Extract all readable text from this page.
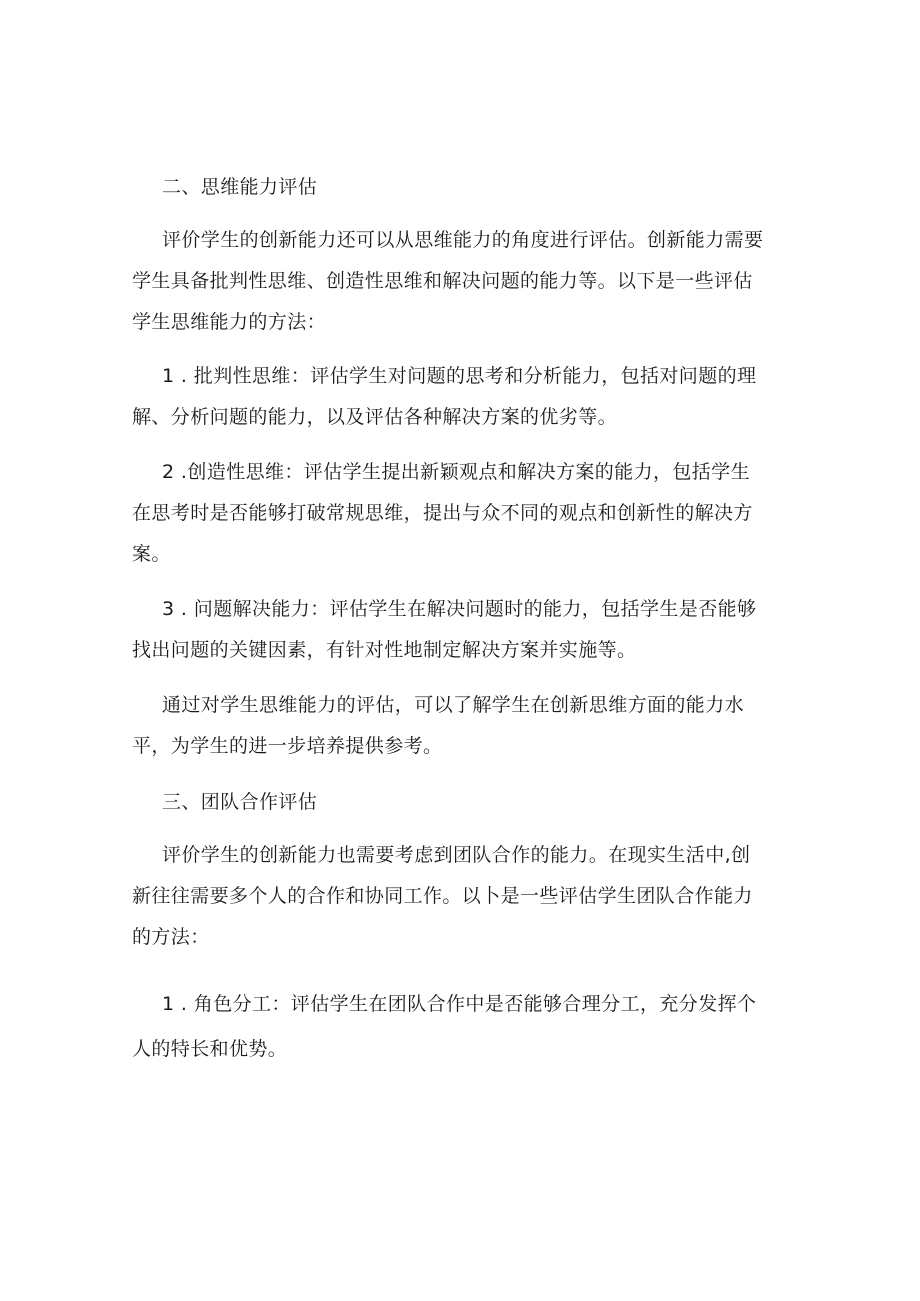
二、思维能力评估

评价学生的创新能力还可以从思维能力的角度进行评估。创新能力需要
学生具备批判性思维、创造性思维和解决问题的能力等。以下是一些评估
学生思维能力的方法：

1 . 批判性思维：评估学生对问题的思考和分析能力，包括对问题的理
解、分析问题的能力，以及评估各种解决方案的优劣等。

2 .创造性思维：评估学生提出新颖观点和解决方案的能力，包括学生
在思考时是否能够打破常规思维，提出与众不同的观点和创新性的解决方
案。

3 . 问题解决能力：评估学生在解决问题时的能力，包括学生是否能够
找出问题的关键因素，有针对性地制定解决方案并实施等。

通过对学生思维能力的评估，可以了解学生在创新思维方面的能力水
平，为学生的进一步培养提供参考。

三、团队合作评估

评价学生的创新能力也需要考虑到团队合作的能力。在现实生活中,创
新往往需要多个人的合作和协同工作。以卜是一些评估学生团队合作能力
的方法：

1 . 角色分工：评估学生在团队合作中是否能够合理分工，充分发挥个
人的特长和优势。
